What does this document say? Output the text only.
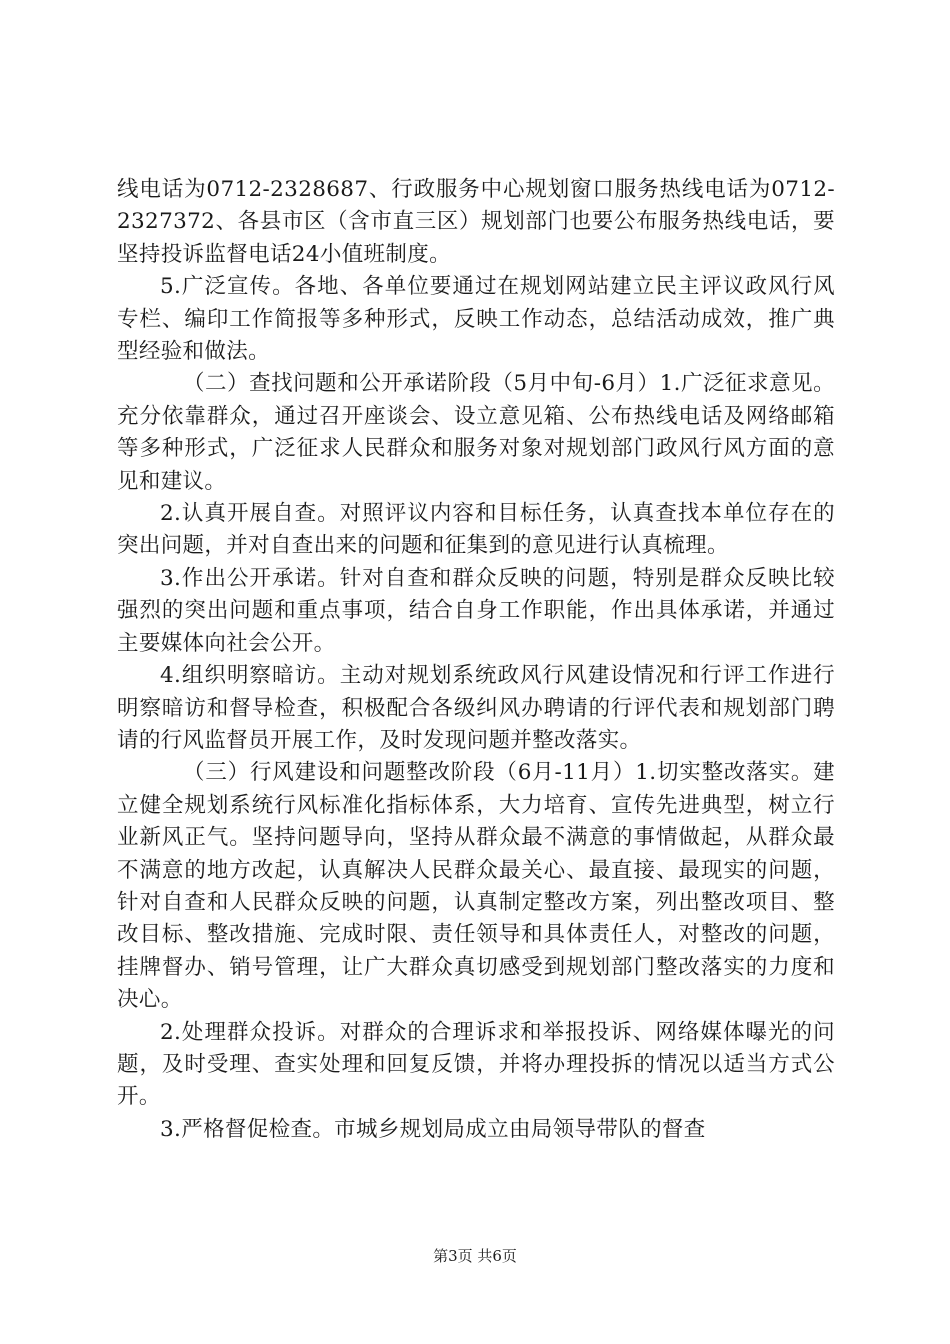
线电话为0712-2328687、行政服务中心规划窗口服务热线电话为0712-2327372、各县市区（含市直三区）规划部门也要公布服务热线电话，要坚持投诉监督电话24小值班制度。

5.广泛宣传。各地、各单位要通过在规划网站建立民主评议政风行风专栏、编印工作简报等多种形式，反映工作动态，总结活动成效，推广典型经验和做法。

（二）查找问题和公开承诺阶段（5月中旬-6月）1.广泛征求意见。充分依靠群众，通过召开座谈会、设立意见箱、公布热线电话及网络邮箱等多种形式，广泛征求人民群众和服务对象对规划部门政风行风方面的意见和建议。

2.认真开展自查。对照评议内容和目标任务，认真查找本单位存在的突出问题，并对自查出来的问题和征集到的意见进行认真梳理。

3.作出公开承诺。针对自查和群众反映的问题，特别是群众反映比较强烈的突出问题和重点事项，结合自身工作职能，作出具体承诺，并通过主要媒体向社会公开。

4.组织明察暗访。主动对规划系统政风行风建设情况和行评工作进行明察暗访和督导检查，积极配合各级纠风办聘请的行评代表和规划部门聘请的行风监督员开展工作，及时发现问题并整改落实。

（三）行风建设和问题整改阶段（6月-11月）1.切实整改落实。建立健全规划系统行风标准化指标体系，大力培育、宣传先进典型，树立行业新风正气。坚持问题导向，坚持从群众最不满意的事情做起，从群众最不满意的地方改起，认真解决人民群众最关心、最直接、最现实的问题，针对自查和人民群众反映的问题，认真制定整改方案，列出整改项目、整改目标、整改措施、完成时限、责任领导和具体责任人，对整改的问题，挂牌督办、销号管理，让广大群众真切感受到规划部门整改落实的力度和决心。

2.处理群众投诉。对群众的合理诉求和举报投诉、网络媒体曝光的问题，及时受理、查实处理和回复反馈，并将办理投拆的情况以适当方式公开。

3.严格督促检查。市城乡规划局成立由局领导带队的督查

第3页 共6页
